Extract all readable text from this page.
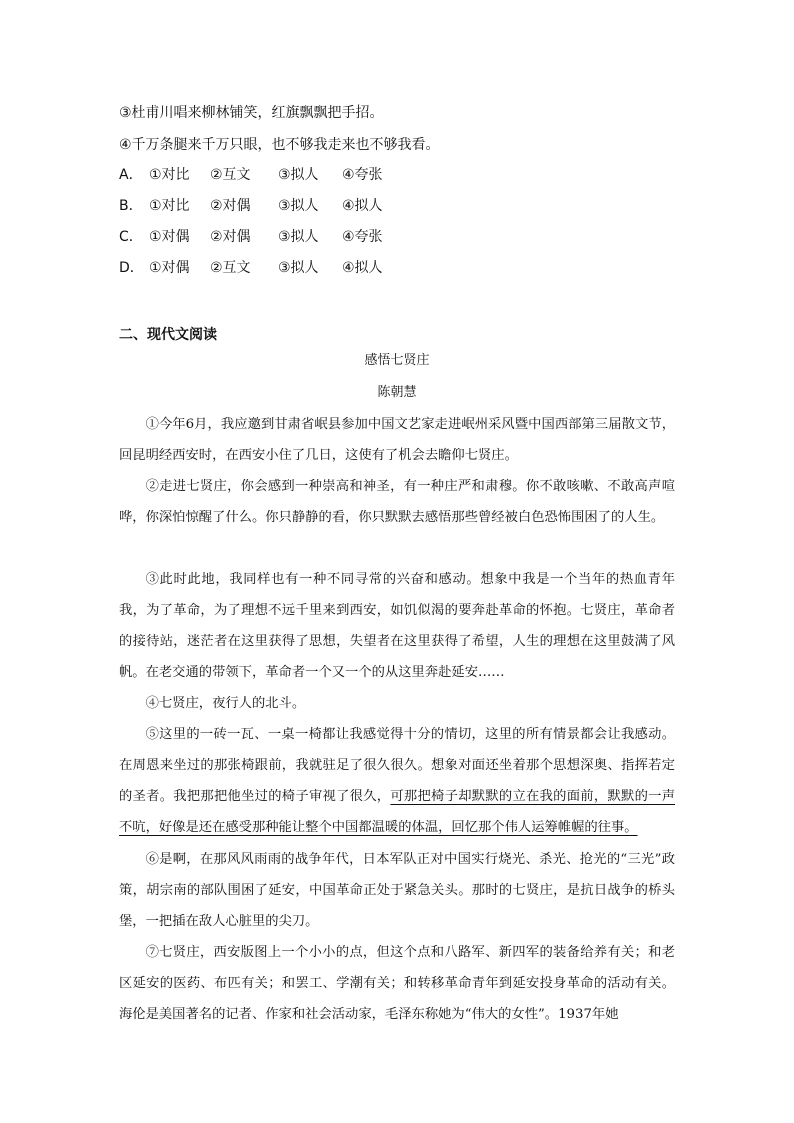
③杜甫川唱来柳林铺笑，红旗飘飘把手招。
④千万条腿来千万只眼，也不够我走来也不够我看。
A． ①对比 ②互文 ③拟人 ④夸张
B． ①对比 ②对偶 ③拟人 ④拟人
C． ①对偶 ②对偶 ③拟人 ④夸张
D． ①对偶 ②互文 ③拟人 ④拟人
二、现代文阅读
感悟七贤庄
陈朝慧

①今年6月，我应邀到甘肃省岷县参加中国文艺家走进岷州采风暨中国西部第三届散文节，回昆明经西安时，在西安小住了几日，这使有了机会去瞻仰七贤庄。

②走进七贤庄，你会感到一种崇高和神圣，有一种庄严和肃穆。你不敢咳嗽、不敢高声喧哗，你深怕惊醒了什么。你只静静的看，你只默默去感悟那些曾经被白色恐怖围困了的人生。

③此时此地，我同样也有一种不同寻常的兴奋和感动。想象中我是一个当年的热血青年我，为了革命，为了理想不远千里来到西安，如饥似渴的要奔赴革命的怀抱。七贤庄，革命者的接待站，迷茫者在这里获得了思想，失望者在这里获得了希望，人生的理想在这里鼓满了风帆。在老交通的带领下，革命者一个又一个的从这里奔赴延安……

④七贤庄，夜行人的北斗。

⑤这里的一砖一瓦、一桌一椅都让我感觉得十分的情切，这里的所有情景都会让我感动。在周恩来坐过的那张椅跟前，我就驻足了很久很久。想象对面还坐着那个思想深奥、指挥若定的圣者。我把那把他坐过的椅子审视了很久，可那把椅子却默默的立在我的面前，默默的一声不吭，好像是还在感受那种能让整个中国都温暖的体温，回忆那个伟人运筹帷幄的往事。

⑥是啊，在那风风雨雨的战争年代，日本军队正对中国实行烧光、杀光、抢光的“三光”政策，胡宗南的部队围困了延安，中国革命正处于紧急关头。那时的七贤庄，是抗日战争的桥头堡，一把插在敌人心脏里的尖刀。

⑦七贤庄，西安版图上一个小小的点，但这个点和八路军、新四军的装备给养有关；和老区延安的医药、布匹有关；和罢工、学潮有关；和转移革命青年到延安投身革命的活动有关。海伦是美国著名的记者、作家和社会活动家，毛泽东称她为“伟大的女性”。1937年她
